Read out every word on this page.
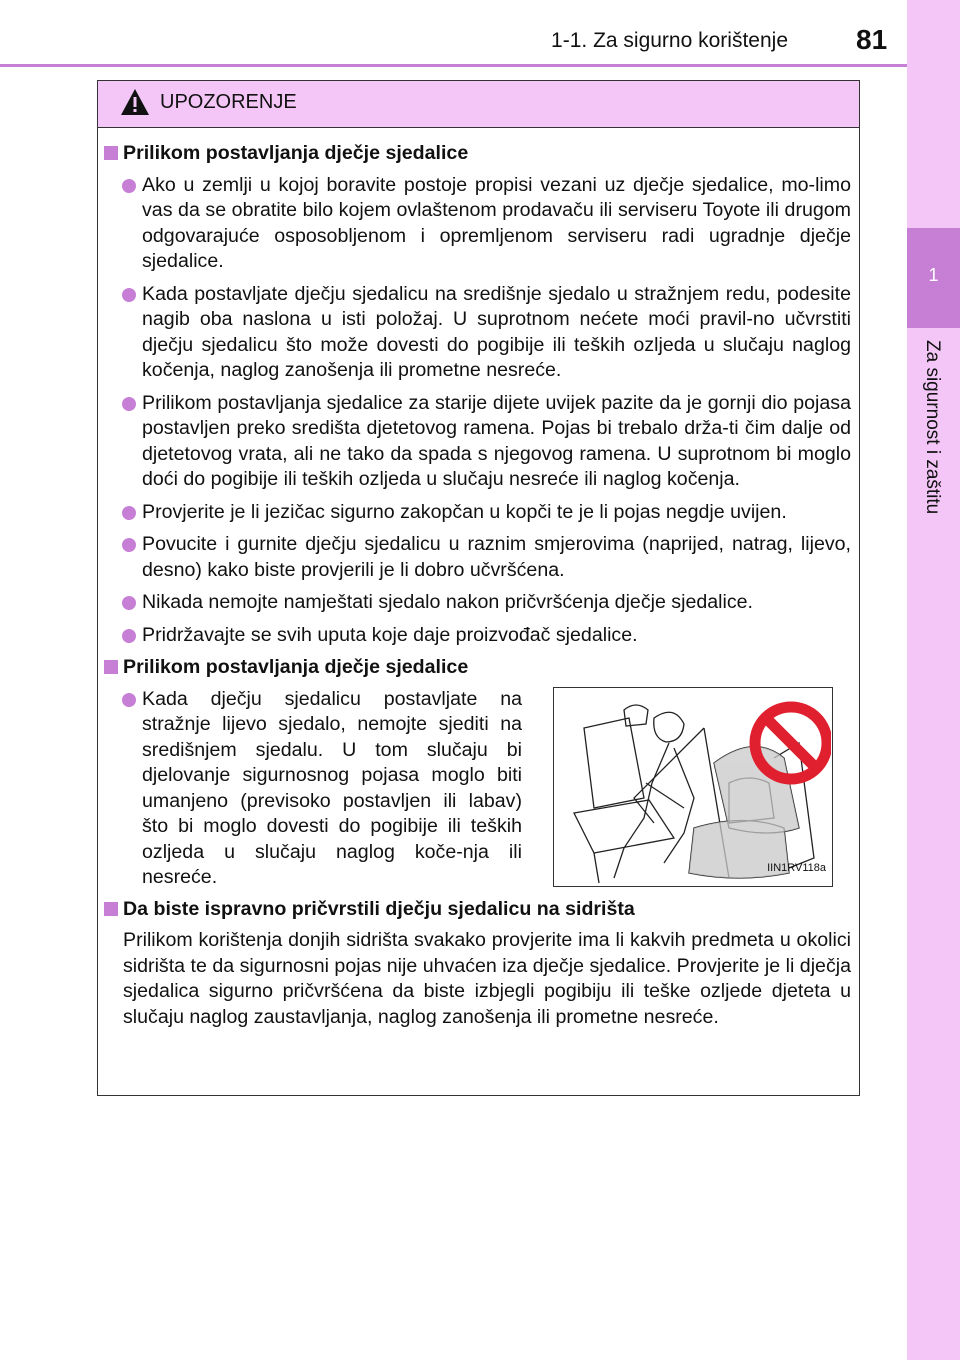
1-1. Za sigurno korištenje 81
1
Za sigurnost i zaštitu
UPOZORENJE
Prilikom postavljanja dječje sjedalice
Ako u zemlji u kojoj boravite postoje propisi vezani uz dječje sjedalice, mo-limo vas da se obratite bilo kojem ovlaštenom prodavaču ili serviseru Toyote ili drugom odgovarajuće osposobljenom i opremljenom serviseru radi ugradnje dječje sjedalice.
Kada postavljate dječju sjedalicu na središnje sjedalo u stražnjem redu, podesite nagib oba naslona u isti položaj. U suprotnom nećete moći pravil-no učvrstiti dječju sjedalicu što može dovesti do pogibije ili teških ozljeda u slučaju naglog kočenja, naglog zanošenja ili prometne nesreće.
Prilikom postavljanja sjedalice za starije dijete uvijek pazite da je gornji dio pojasa postavljen preko središta djetetovog ramena. Pojas bi trebalo drža-ti čim dalje od djetetovog vrata, ali ne tako da spada s njegovog ramena. U suprotnom bi moglo doći do pogibije ili teških ozljeda u slučaju nesreće ili naglog kočenja.
Provjerite je li jezičac sigurno zakopčan u kopči te je li pojas negdje uvijen.
Povucite i gurnite dječju sjedalicu u raznim smjerovima (naprijed, natrag, lijevo, desno) kako biste provjerili je li dobro učvršćena.
Nikada nemojte namještati sjedalo nakon pričvršćenja dječje sjedalice.
Pridržavajte se svih uputa koje daje proizvođač sjedalice.
Prilikom postavljanja dječje sjedalice
Kada dječju sjedalicu postavljate na stražnje lijevo sjedalo, nemojte sjediti na središnjem sjedalu. U tom slučaju bi djelovanje sigurnosnog pojasa moglo biti umanjeno (previsoko postavljen ili labav) što bi moglo dovesti do pogibije ili teških ozljeda u slučaju naglog koče-nja ili nesreće.	IIN1RV118a
Da biste ispravno pričvrstili dječju sjedalicu na sidrišta

Prilikom korištenja donjih sidrišta svakako provjerite ima li kakvih predmeta u okolici sidrišta te da sigurnosni pojas nije uhvaćen iza dječje sjedalice. Provjerite je li dječja sjedalica sigurno pričvršćena da biste izbjegli pogibiju ili teške ozljede djeteta u slučaju naglog zaustavljanja, naglog zanošenja ili prometne nesreće.
